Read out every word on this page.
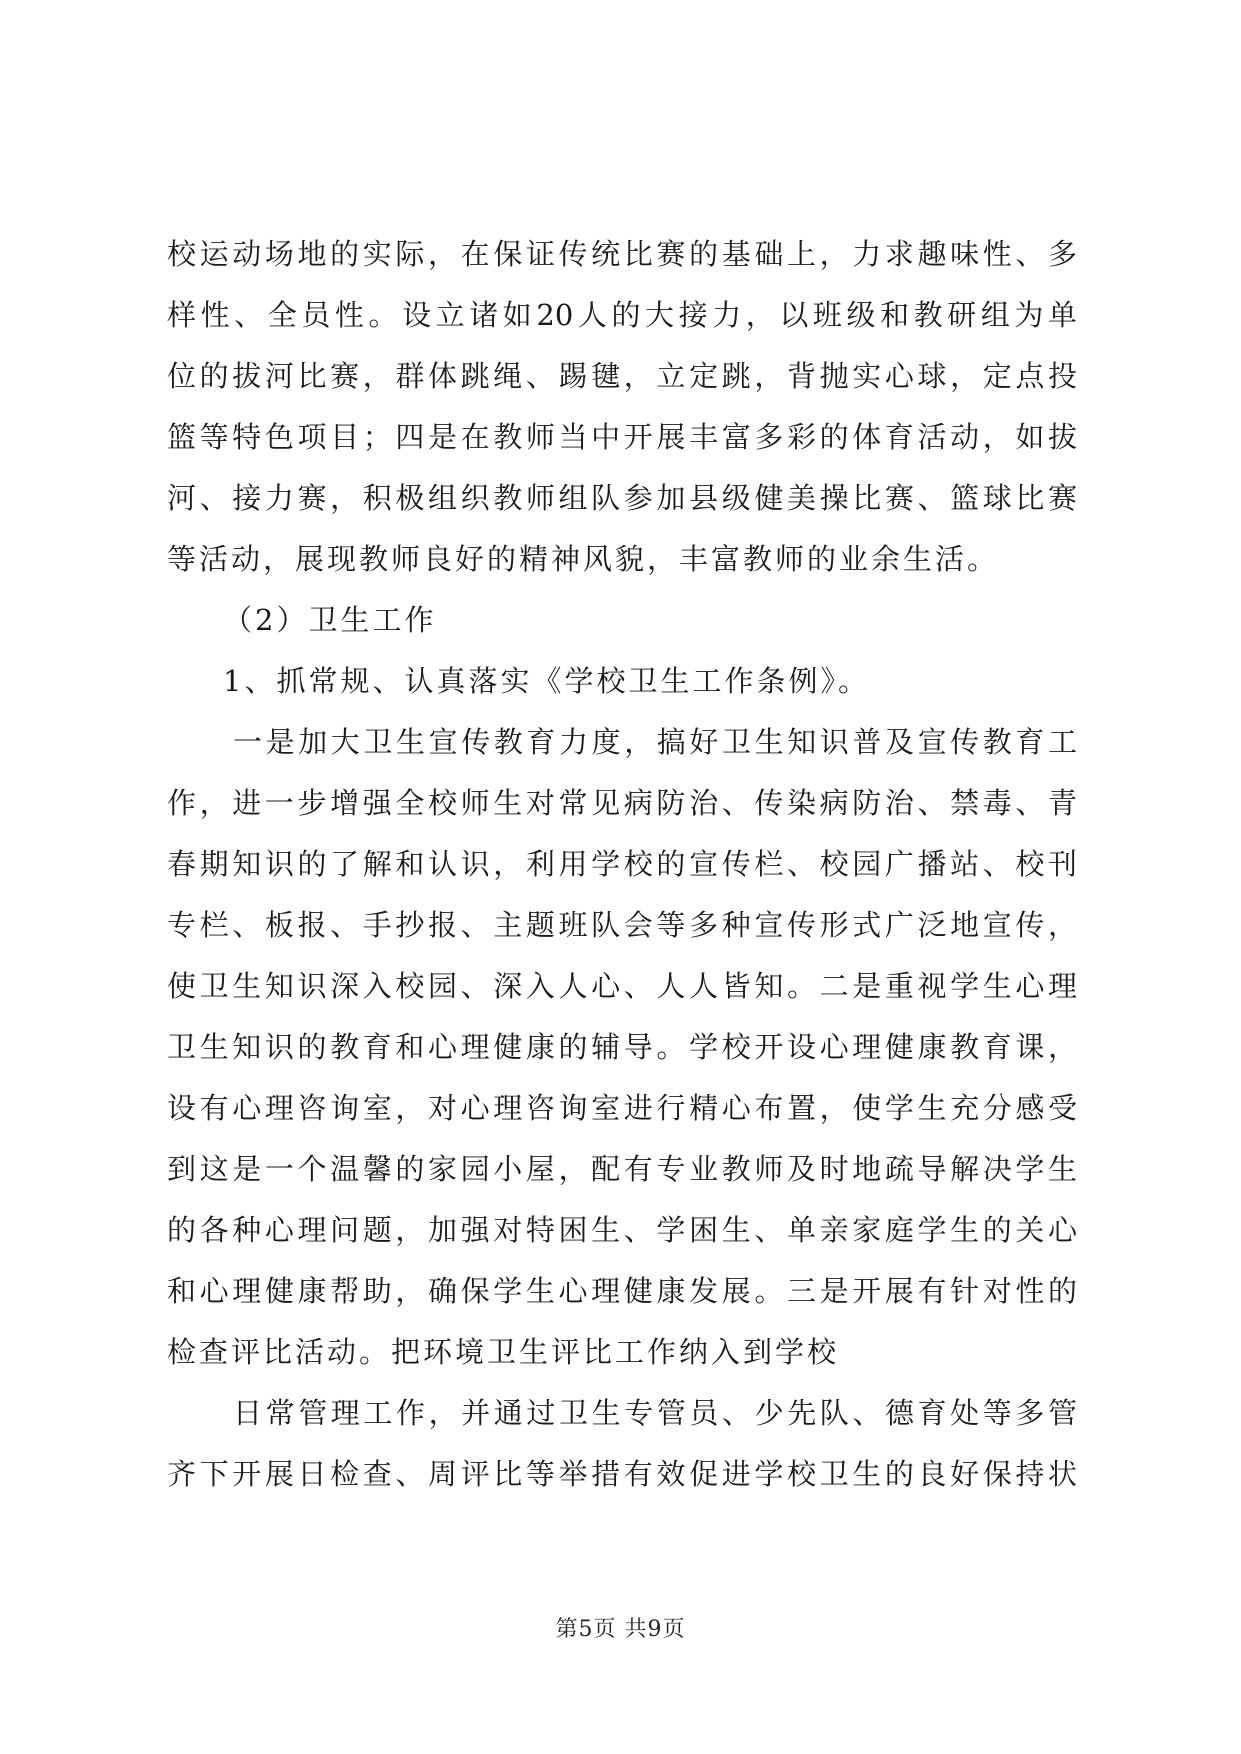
校运动场地的实际，在保证传统比赛的基础上，力求趣味性、多
样性、全员性。设立诸如20人的大接力，以班级和教研组为单
位的拔河比赛，群体跳绳、踢毽，立定跳，背抛实心球，定点投
篮等特色项目；四是在教师当中开展丰富多彩的体育活动，如拔
河、接力赛，积极组织教师组队参加县级健美操比赛、篮球比赛
等活动，展现教师良好的精神风貌，丰富教师的业余生活。
（2）卫生工作
1、抓常规、认真落实《学校卫生工作条例》。
一是加大卫生宣传教育力度，搞好卫生知识普及宣传教育工
作，进一步增强全校师生对常见病防治、传染病防治、禁毒、青
春期知识的了解和认识，利用学校的宣传栏、校园广播站、校刊
专栏、板报、手抄报、主题班队会等多种宣传形式广泛地宣传，
使卫生知识深入校园、深入人心、人人皆知。二是重视学生心理
卫生知识的教育和心理健康的辅导。学校开设心理健康教育课，
设有心理咨询室，对心理咨询室进行精心布置，使学生充分感受
到这是一个温馨的家园小屋，配有专业教师及时地疏导解决学生
的各种心理问题，加强对特困生、学困生、单亲家庭学生的关心
和心理健康帮助，确保学生心理健康发展。三是开展有针对性的
检查评比活动。把环境卫生评比工作纳入到学校
日常管理工作，并通过卫生专管员、少先队、德育处等多管
齐下开展日检查、周评比等举措有效促进学校卫生的良好保持状
第5页 共9页
